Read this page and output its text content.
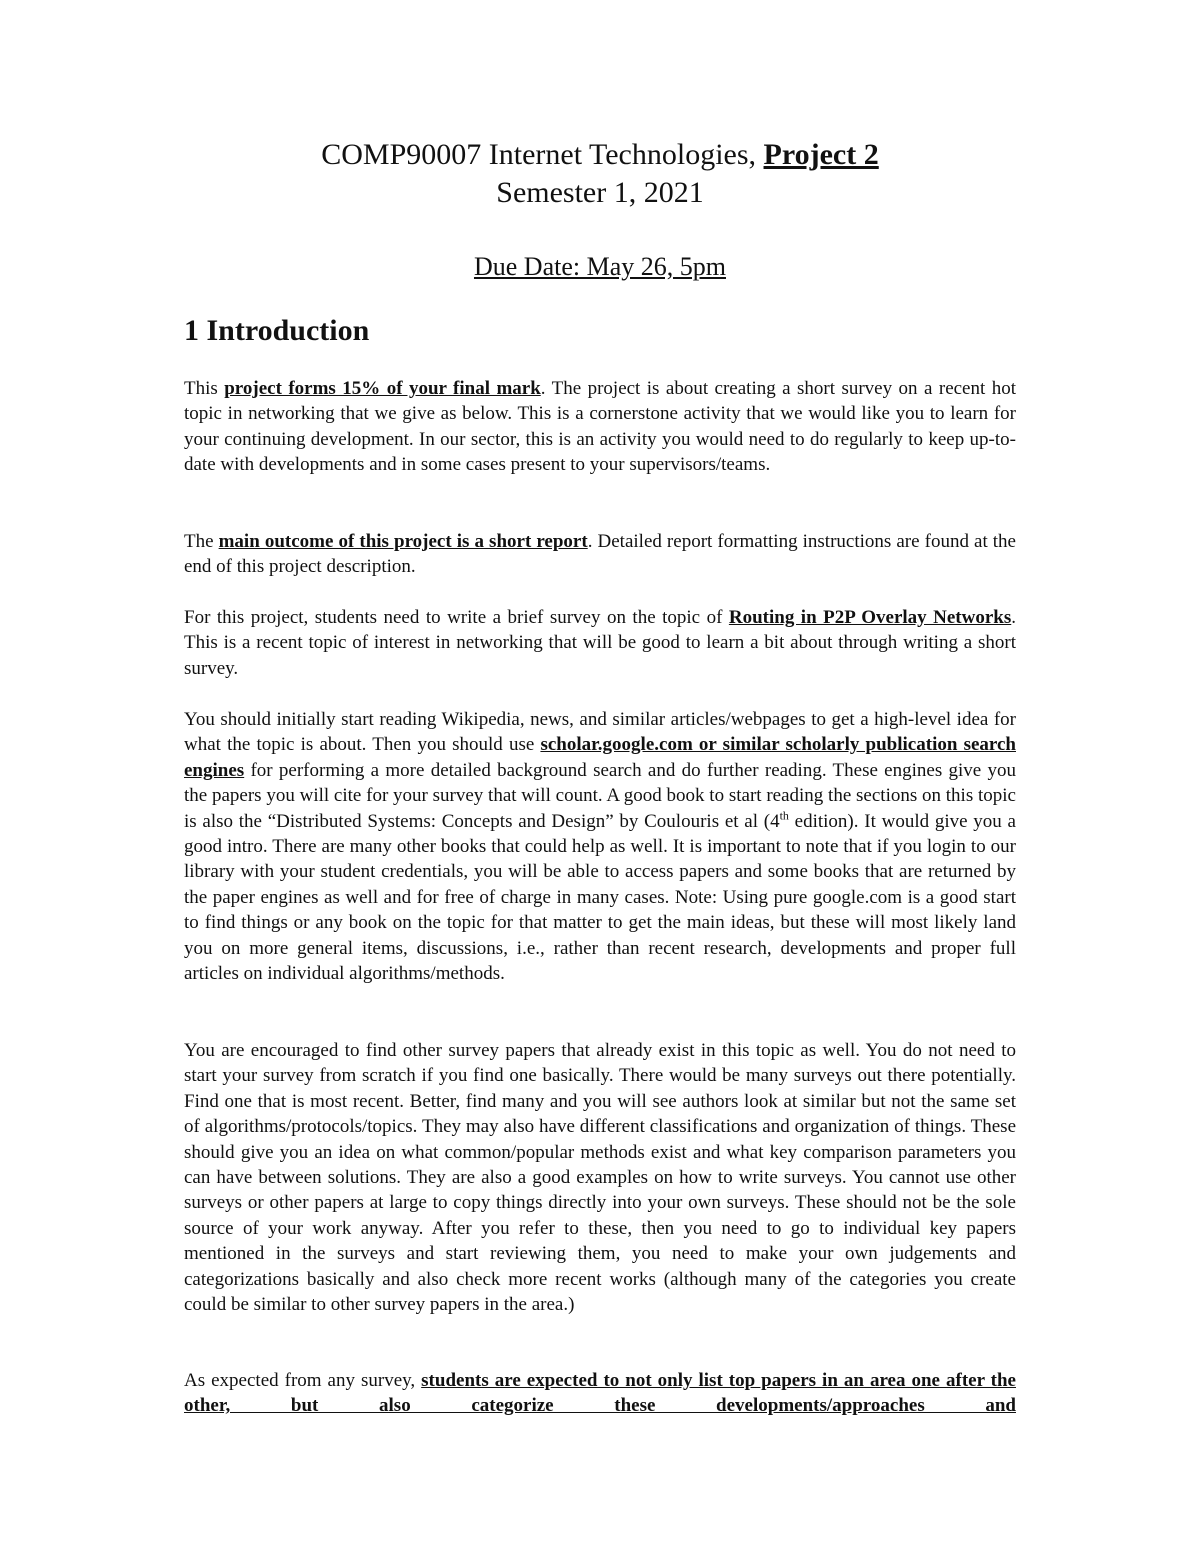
COMP90007 Internet Technologies, Project 2
Semester 1, 2021
Due Date: May 26, 5pm
1 Introduction

This project forms 15% of your final mark. The project is about creating a short survey on a recent hot topic in networking that we give as below. This is a cornerstone activity that we would like you to learn for your continuing development. In our sector, this is an activity you would need to do regularly to keep up-to-date with developments and in some cases present to your supervisors/teams.

The main outcome of this project is a short report. Detailed report formatting instructions are found at the end of this project description.

For this project, students need to write a brief survey on the topic of Routing in P2P Overlay Networks. This is a recent topic of interest in networking that will be good to learn a bit about through writing a short survey.

You should initially start reading Wikipedia, news, and similar articles/webpages to get a high-level idea for what the topic is about. Then you should use scholar.google.com or similar scholarly publication search engines for performing a more detailed background search and do further reading. These engines give you the papers you will cite for your survey that will count. A good book to start reading the sections on this topic is also the “Distributed Systems: Concepts and Design” by Coulouris et al (4th edition). It would give you a good intro. There are many other books that could help as well. It is important to note that if you login to our library with your student credentials, you will be able to access papers and some books that are returned by the paper engines as well and for free of charge in many cases. Note: Using pure google.com is a good start to find things or any book on the topic for that matter to get the main ideas, but these will most likely land you on more general items, discussions, i.e., rather than recent research, developments and proper full articles on individual algorithms/methods.

You are encouraged to find other survey papers that already exist in this topic as well. You do not need to start your survey from scratch if you find one basically. There would be many surveys out there potentially. Find one that is most recent. Better, find many and you will see authors look at similar but not the same set of algorithms/protocols/topics. They may also have different classifications and organization of things. These should give you an idea on what common/popular methods exist and what key comparison parameters you can have between solutions. They are also a good examples on how to write surveys. You cannot use other surveys or other papers at large to copy things directly into your own surveys. These should not be the sole source of your work anyway. After you refer to these, then you need to go to individual key papers mentioned in the surveys and start reviewing them, you need to make your own judgements and categorizations basically and also check more recent works (although many of the categories you create could be similar to other survey papers in the area.)

As expected from any survey, students are expected to not only list top papers in an area one after the other, but also categorize these developments/approaches and
